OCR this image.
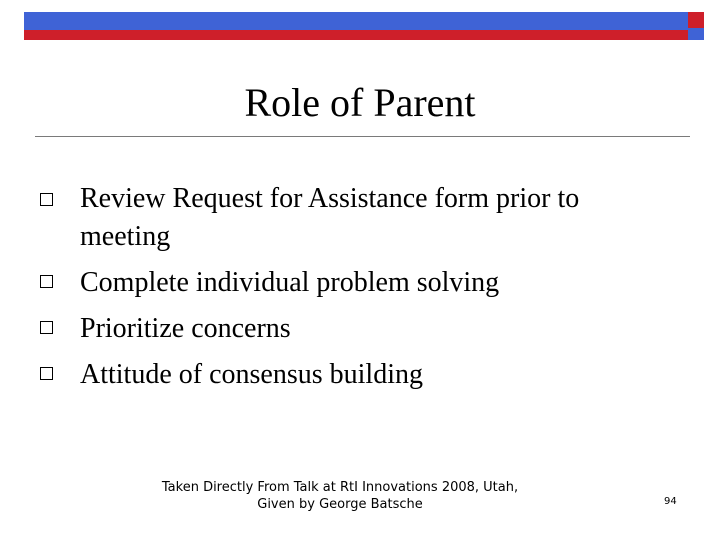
Role of Parent
Review Request for Assistance form prior to
meeting
Complete individual problem solving
Prioritize concerns
Attitude of consensus building
Taken Directly From Talk at RtI Innovations 2008, Utah,
Given by George Batsche	94
